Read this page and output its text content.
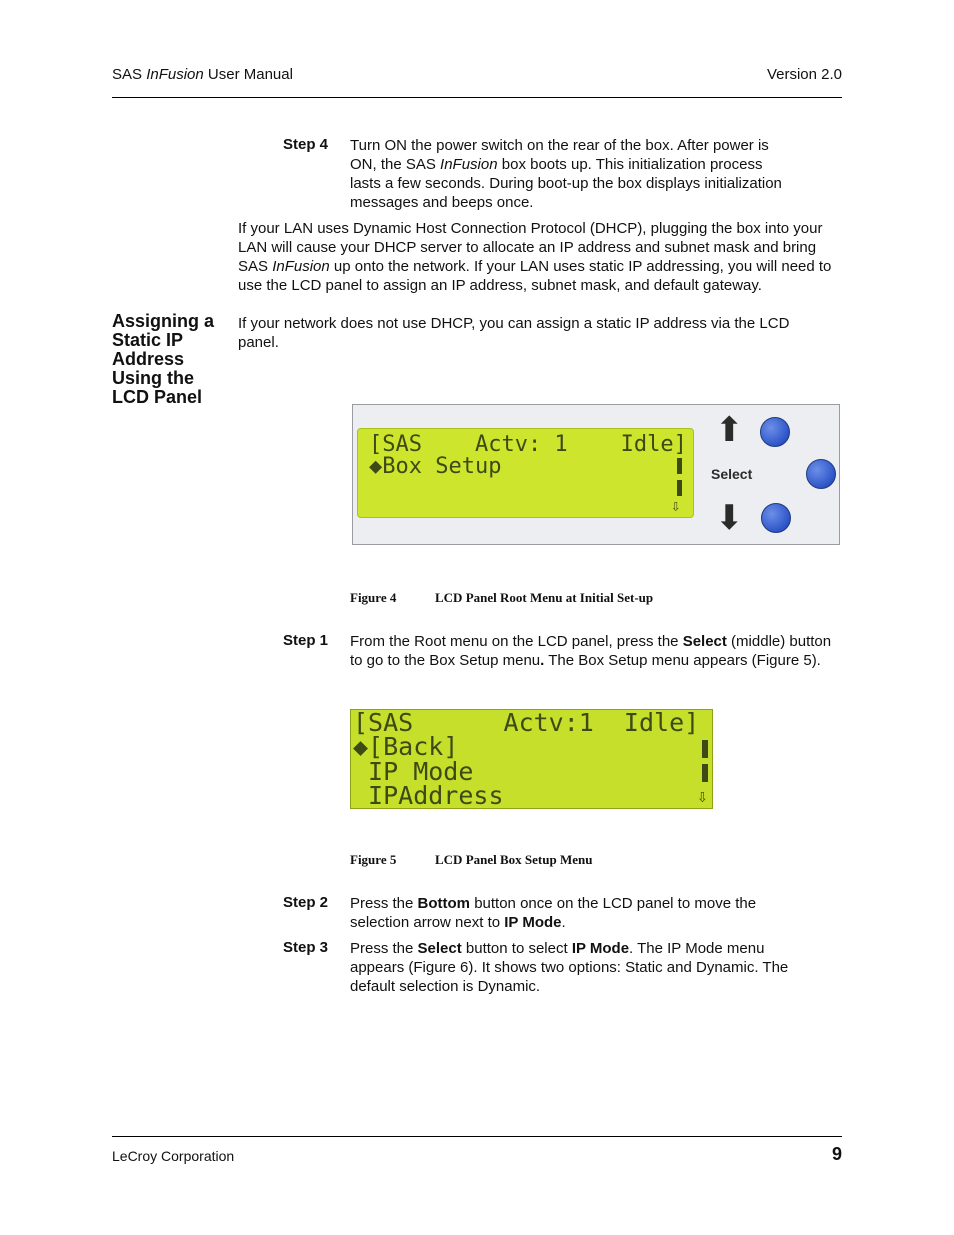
SAS InFusion User Manual	Version 2.0
Step 4 Turn ON the power switch on the rear of the box. After power is ON, the SAS InFusion box boots up. This initialization process lasts a few seconds. During boot-up the box displays initialization messages and beeps once.
If your LAN uses Dynamic Host Connection Protocol (DHCP), plugging the box into your LAN will cause your DHCP server to allocate an IP address and subnet mask and bring SAS InFusion up onto the network. If your LAN uses static IP addressing, you will need to use the LCD panel to assign an IP address, subnet mask, and default gateway.
Assigning a Static IP Address Using the LCD Panel
If your network does not use DHCP, you can assign a static IP address via the LCD panel.
[SAS    Actv: 1    Idle]
◆Box Setup
⇩
⬆
Select
⬇
Figure 4	LCD Panel Root Menu at Initial Set-up
Step 1 From the Root menu on the LCD panel, press the Select (middle) button to go to the Box Setup menu. The Box Setup menu appears (Figure 5).
[SAS      Actv:1  Idle]
◆[Back]
IP Mode
IPAddress	⇩
Figure 5	LCD Panel Box Setup Menu
Step 2 Press the Bottom button once on the LCD panel to move the selection arrow next to IP Mode.
Step 3 Press the Select button to select IP Mode. The IP Mode menu appears (Figure 6). It shows two options: Static and Dynamic. The default selection is Dynamic.
LeCroy Corporation	9
